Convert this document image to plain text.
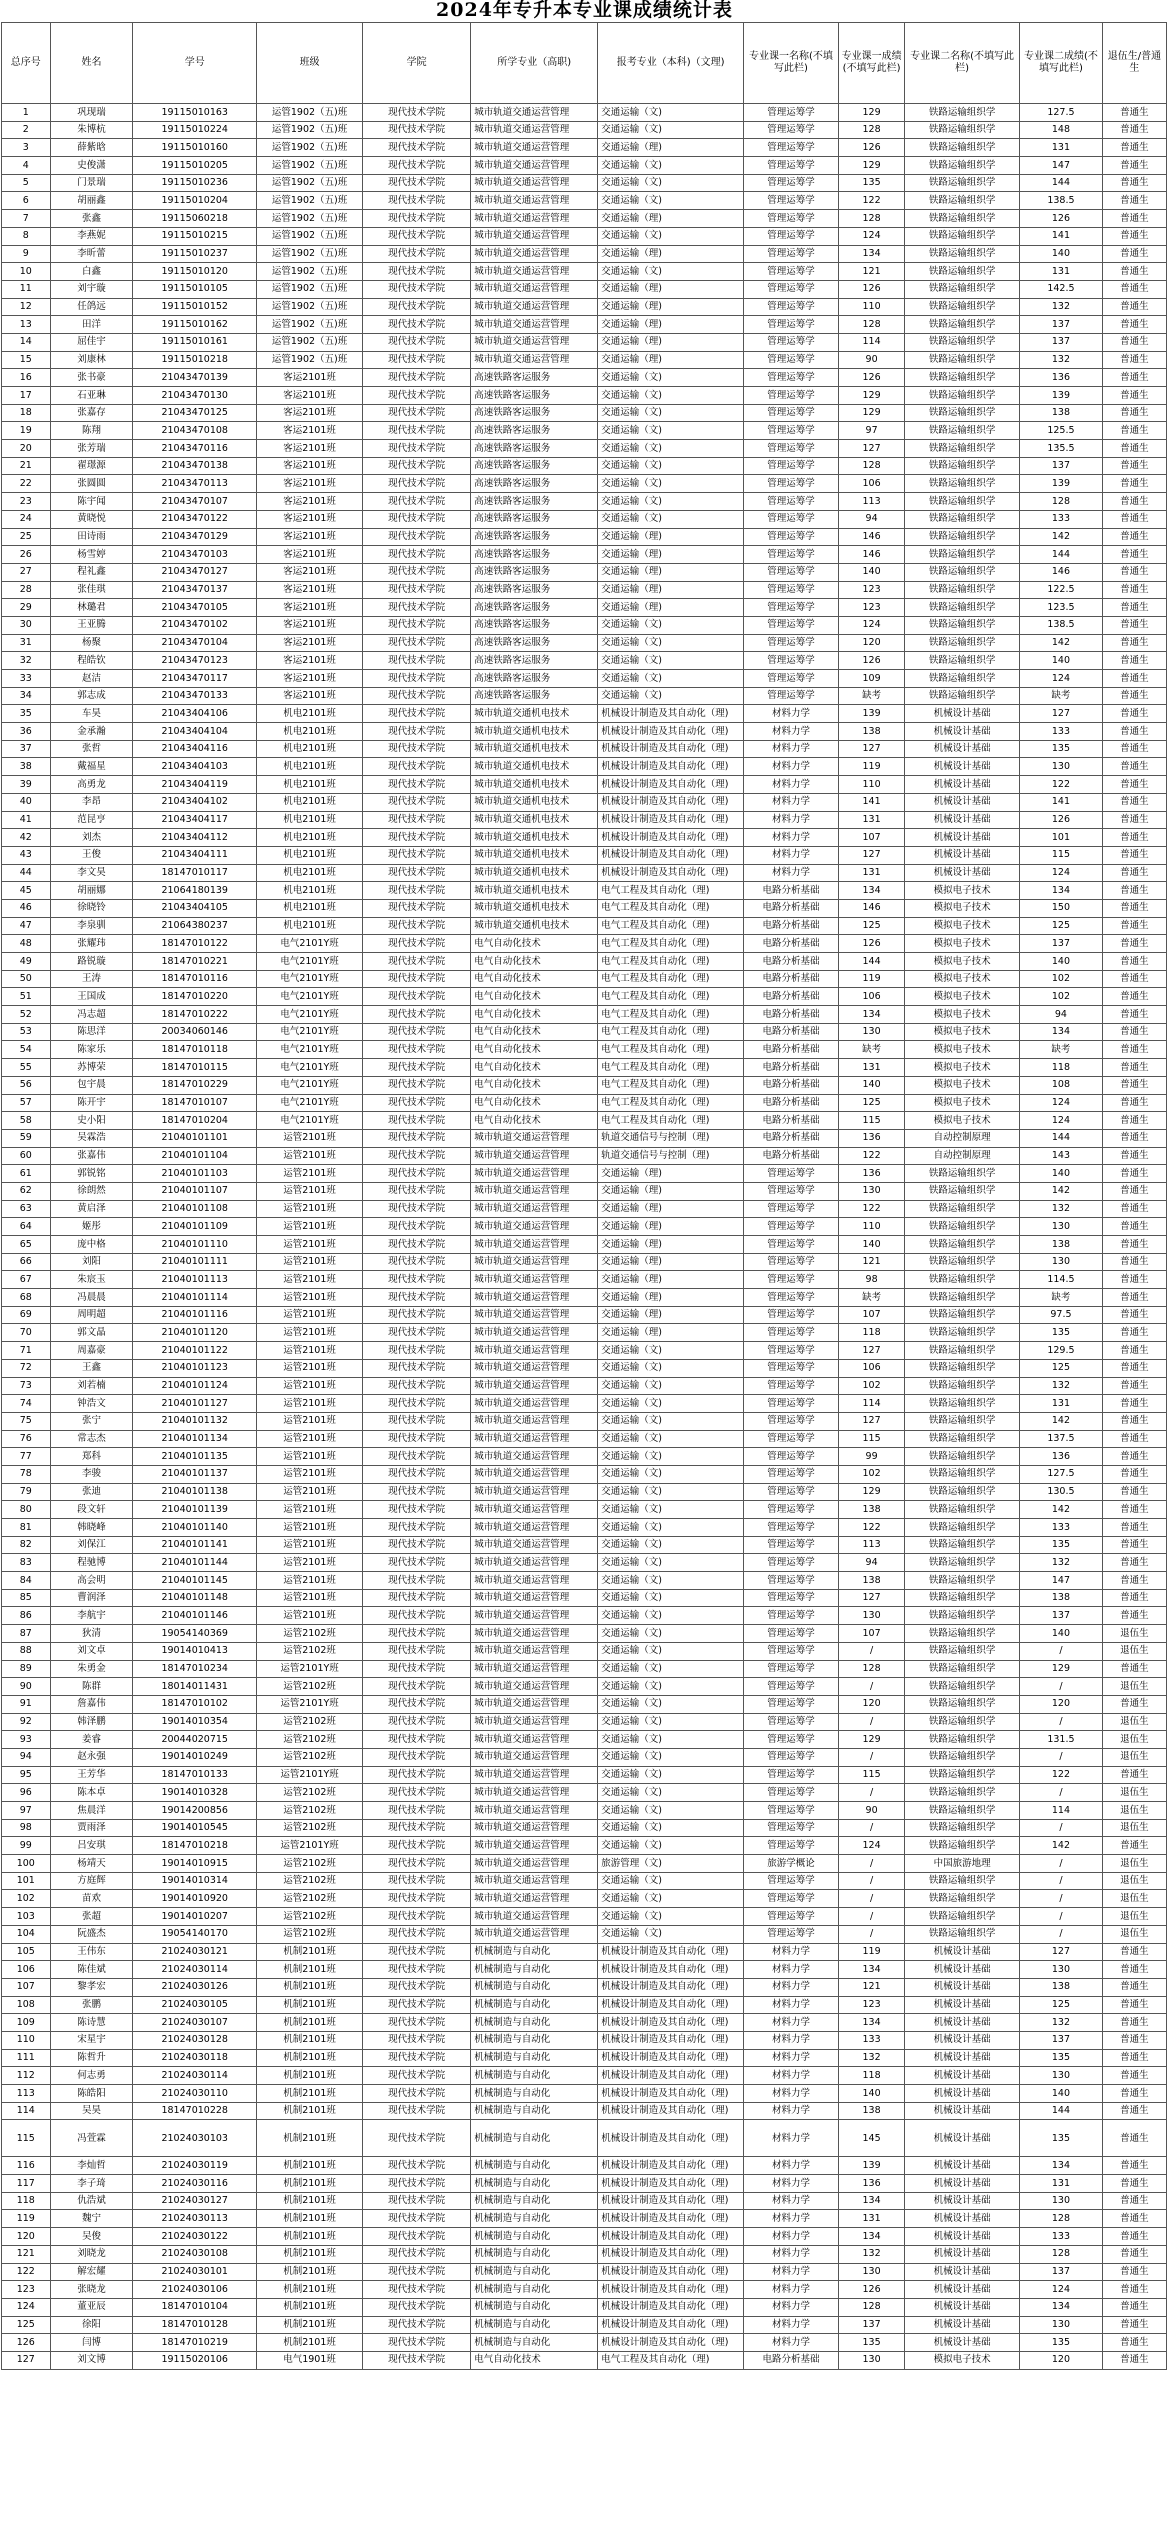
2024年专升本专业课成绩统计表
总序号	姓名	学号	班级	学院	所学专业（高职)	报考专业（本科)（文理)	专业课一名称(不填写此栏)	专业课一成绩(不填写此栏)	专业课二名称(不填写此栏)	专业课二成绩(不填写此栏)	退伍生/普通生
1	巩现瑞	19115010163	运管1902（五)班	现代技术学院	城市轨道交通运营管理	交通运输（文)	管理运筹学	129	铁路运输组织学	127.5	普通生
2	朱博杭	19115010224	运管1902（五)班	现代技术学院	城市轨道交通运营管理	交通运输（文)	管理运筹学	128	铁路运输组织学	148	普通生
3	薛紫晗	19115010160	运管1902（五)班	现代技术学院	城市轨道交通运营管理	交通运输（理)	管理运筹学	126	铁路运输组织学	131	普通生
4	史俊潇	19115010205	运管1902（五)班	现代技术学院	城市轨道交通运营管理	交通运输（文)	管理运筹学	129	铁路运输组织学	147	普通生
5	门景瑞	19115010236	运管1902（五)班	现代技术学院	城市轨道交通运营管理	交通运输（文)	管理运筹学	135	铁路运输组织学	144	普通生
6	胡丽鑫	19115010204	运管1902（五)班	现代技术学院	城市轨道交通运营管理	交通运输（文)	管理运筹学	122	铁路运输组织学	138.5	普通生
7	张鑫	19115060218	运管1902（五)班	现代技术学院	城市轨道交通运营管理	交通运输（理)	管理运筹学	128	铁路运输组织学	126	普通生
8	李燕妮	19115010215	运管1902（五)班	现代技术学院	城市轨道交通运营管理	交通运输（文)	管理运筹学	124	铁路运输组织学	141	普通生
9	李昕蕾	19115010237	运管1902（五)班	现代技术学院	城市轨道交通运营管理	交通运输（理)	管理运筹学	134	铁路运输组织学	140	普通生
10	白鑫	19115010120	运管1902（五)班	现代技术学院	城市轨道交通运营管理	交通运输（文)	管理运筹学	121	铁路运输组织学	131	普通生
11	刘宇璇	19115010105	运管1902（五)班	现代技术学院	城市轨道交通运营管理	交通运输（理)	管理运筹学	126	铁路运输组织学	142.5	普通生
12	任鸽远	19115010152	运管1902（五)班	现代技术学院	城市轨道交通运营管理	交通运输（理)	管理运筹学	110	铁路运输组织学	132	普通生
13	田洋	19115010162	运管1902（五)班	现代技术学院	城市轨道交通运营管理	交通运输（理)	管理运筹学	128	铁路运输组织学	137	普通生
14	屈佳宇	19115010161	运管1902（五)班	现代技术学院	城市轨道交通运营管理	交通运输（理)	管理运筹学	114	铁路运输组织学	137	普通生
15	刘康林	19115010218	运管1902（五)班	现代技术学院	城市轨道交通运营管理	交通运输（理)	管理运筹学	90	铁路运输组织学	132	普通生
16	张书豪	21043470139	客运2101班	现代技术学院	高速铁路客运服务	交通运输（文)	管理运筹学	126	铁路运输组织学	136	普通生
17	石亚琳	21043470130	客运2101班	现代技术学院	高速铁路客运服务	交通运输（文)	管理运筹学	129	铁路运输组织学	139	普通生
18	张嘉存	21043470125	客运2101班	现代技术学院	高速铁路客运服务	交通运输（文)	管理运筹学	129	铁路运输组织学	138	普通生
19	陈翔	21043470108	客运2101班	现代技术学院	高速铁路客运服务	交通运输（文)	管理运筹学	97	铁路运输组织学	125.5	普通生
20	张芳瑞	21043470116	客运2101班	现代技术学院	高速铁路客运服务	交通运输（文)	管理运筹学	127	铁路运输组织学	135.5	普通生
21	翟璟源	21043470138	客运2101班	现代技术学院	高速铁路客运服务	交通运输（文)	管理运筹学	128	铁路运输组织学	137	普通生
22	张圆圆	21043470113	客运2101班	现代技术学院	高速铁路客运服务	交通运输（文)	管理运筹学	106	铁路运输组织学	139	普通生
23	陈宇闻	21043470107	客运2101班	现代技术学院	高速铁路客运服务	交通运输（文)	管理运筹学	113	铁路运输组织学	128	普通生
24	黄晓悦	21043470122	客运2101班	现代技术学院	高速铁路客运服务	交通运输（文)	管理运筹学	94	铁路运输组织学	133	普通生
25	田诗雨	21043470129	客运2101班	现代技术学院	高速铁路客运服务	交通运输（理)	管理运筹学	146	铁路运输组织学	142	普通生
26	杨雪婷	21043470103	客运2101班	现代技术学院	高速铁路客运服务	交通运输（理)	管理运筹学	146	铁路运输组织学	144	普通生
27	程礼鑫	21043470127	客运2101班	现代技术学院	高速铁路客运服务	交通运输（理)	管理运筹学	140	铁路运输组织学	146	普通生
28	张佳琪	21043470137	客运2101班	现代技术学院	高速铁路客运服务	交通运输（理)	管理运筹学	123	铁路运输组织学	122.5	普通生
29	林璐君	21043470105	客运2101班	现代技术学院	高速铁路客运服务	交通运输（理)	管理运筹学	123	铁路运输组织学	123.5	普通生
30	王亚腾	21043470102	客运2101班	现代技术学院	高速铁路客运服务	交通运输（文)	管理运筹学	124	铁路运输组织学	138.5	普通生
31	杨聚	21043470104	客运2101班	现代技术学院	高速铁路客运服务	交通运输（文)	管理运筹学	120	铁路运输组织学	142	普通生
32	程皓钦	21043470123	客运2101班	现代技术学院	高速铁路客运服务	交通运输（文)	管理运筹学	126	铁路运输组织学	140	普通生
33	赵洁	21043470117	客运2101班	现代技术学院	高速铁路客运服务	交通运输（文)	管理运筹学	109	铁路运输组织学	124	普通生
34	郭志成	21043470133	客运2101班	现代技术学院	高速铁路客运服务	交通运输（文)	管理运筹学	缺考	铁路运输组织学	缺考	普通生
35	车昊	21043404106	机电2101班	现代技术学院	城市轨道交通机电技术	机械设计制造及其自动化（理)	材料力学	139	机械设计基础	127	普通生
36	金承瀚	21043404104	机电2101班	现代技术学院	城市轨道交通机电技术	机械设计制造及其自动化（理)	材料力学	138	机械设计基础	133	普通生
37	张哲	21043404116	机电2101班	现代技术学院	城市轨道交通机电技术	机械设计制造及其自动化（理)	材料力学	127	机械设计基础	135	普通生
38	戴福星	21043404103	机电2101班	现代技术学院	城市轨道交通机电技术	机械设计制造及其自动化（理)	材料力学	119	机械设计基础	130	普通生
39	高勇龙	21043404119	机电2101班	现代技术学院	城市轨道交通机电技术	机械设计制造及其自动化（理)	材料力学	110	机械设计基础	122	普通生
40	李昂	21043404102	机电2101班	现代技术学院	城市轨道交通机电技术	机械设计制造及其自动化（理)	材料力学	141	机械设计基础	141	普通生
41	范昆亨	21043404117	机电2101班	现代技术学院	城市轨道交通机电技术	机械设计制造及其自动化（理)	材料力学	131	机械设计基础	126	普通生
42	刘杰	21043404112	机电2101班	现代技术学院	城市轨道交通机电技术	机械设计制造及其自动化（理)	材料力学	107	机械设计基础	101	普通生
43	王俊	21043404111	机电2101班	现代技术学院	城市轨道交通机电技术	机械设计制造及其自动化（理)	材料力学	127	机械设计基础	115	普通生
44	李文昊	18147010117	机电2101班	现代技术学院	城市轨道交通机电技术	机械设计制造及其自动化（理)	材料力学	131	机械设计基础	124	普通生
45	胡丽娜	21064180139	机电2101班	现代技术学院	城市轨道交通机电技术	电气工程及其自动化（理)	电路分析基础	134	模拟电子技术	134	普通生
46	徐晓铃	21043404105	机电2101班	现代技术学院	城市轨道交通机电技术	电气工程及其自动化（理)	电路分析基础	146	模拟电子技术	150	普通生
47	李泉驯	21064380237	机电2101班	现代技术学院	城市轨道交通机电技术	电气工程及其自动化（理)	电路分析基础	125	模拟电子技术	125	普通生
48	张耀玮	18147010122	电气2101Y班	现代技术学院	电气自动化技术	电气工程及其自动化（理)	电路分析基础	126	模拟电子技术	137	普通生
49	路锐璇	18147010221	电气2101Y班	现代技术学院	电气自动化技术	电气工程及其自动化（理)	电路分析基础	144	模拟电子技术	140	普通生
50	王涛	18147010116	电气2101Y班	现代技术学院	电气自动化技术	电气工程及其自动化（理)	电路分析基础	119	模拟电子技术	102	普通生
51	王国成	18147010220	电气2101Y班	现代技术学院	电气自动化技术	电气工程及其自动化（理)	电路分析基础	106	模拟电子技术	102	普通生
52	冯志超	18147010222	电气2101Y班	现代技术学院	电气自动化技术	电气工程及其自动化（理)	电路分析基础	134	模拟电子技术	94	普通生
53	陈思洋	20034060146	电气2101Y班	现代技术学院	电气自动化技术	电气工程及其自动化（理)	电路分析基础	130	模拟电子技术	134	普通生
54	陈家乐	18147010118	电气2101Y班	现代技术学院	电气自动化技术	电气工程及其自动化（理)	电路分析基础	缺考	模拟电子技术	缺考	普通生
55	苏博荣	18147010115	电气2101Y班	现代技术学院	电气自动化技术	电气工程及其自动化（理)	电路分析基础	131	模拟电子技术	118	普通生
56	包宇晨	18147010229	电气2101Y班	现代技术学院	电气自动化技术	电气工程及其自动化（理)	电路分析基础	140	模拟电子技术	108	普通生
57	陈开宇	18147010107	电气2101Y班	现代技术学院	电气自动化技术	电气工程及其自动化（理)	电路分析基础	125	模拟电子技术	124	普通生
58	史小阳	18147010204	电气2101Y班	现代技术学院	电气自动化技术	电气工程及其自动化（理)	电路分析基础	115	模拟电子技术	124	普通生
59	吴霖浩	21040101101	运管2101班	现代技术学院	城市轨道交通运营管理	轨道交通信号与控制（理)	电路分析基础	136	自动控制原理	144	普通生
60	张嘉伟	21040101104	运管2101班	现代技术学院	城市轨道交通运营管理	轨道交通信号与控制（理)	电路分析基础	122	自动控制原理	143	普通生
61	郭锐铭	21040101103	运管2101班	现代技术学院	城市轨道交通运营管理	交通运输（理)	管理运筹学	136	铁路运输组织学	140	普通生
62	徐朗然	21040101107	运管2101班	现代技术学院	城市轨道交通运营管理	交通运输（理)	管理运筹学	130	铁路运输组织学	142	普通生
63	黄启泽	21040101108	运管2101班	现代技术学院	城市轨道交通运营管理	交通运输（理)	管理运筹学	122	铁路运输组织学	132	普通生
64	姬彤	21040101109	运管2101班	现代技术学院	城市轨道交通运营管理	交通运输（理)	管理运筹学	110	铁路运输组织学	130	普通生
65	庞中格	21040101110	运管2101班	现代技术学院	城市轨道交通运营管理	交通运输（理)	管理运筹学	140	铁路运输组织学	138	普通生
66	刘阳	21040101111	运管2101班	现代技术学院	城市轨道交通运营管理	交通运输（理)	管理运筹学	121	铁路运输组织学	130	普通生
67	朱宸玉	21040101113	运管2101班	现代技术学院	城市轨道交通运营管理	交通运输（理)	管理运筹学	98	铁路运输组织学	114.5	普通生
68	冯晨晨	21040101114	运管2101班	现代技术学院	城市轨道交通运营管理	交通运输（理)	管理运筹学	缺考	铁路运输组织学	缺考	普通生
69	周明超	21040101116	运管2101班	现代技术学院	城市轨道交通运营管理	交通运输（理)	管理运筹学	107	铁路运输组织学	97.5	普通生
70	郭文晶	21040101120	运管2101班	现代技术学院	城市轨道交通运营管理	交通运输（理)	管理运筹学	118	铁路运输组织学	135	普通生
71	周嘉豪	21040101122	运管2101班	现代技术学院	城市轨道交通运营管理	交通运输（文)	管理运筹学	127	铁路运输组织学	129.5	普通生
72	王鑫	21040101123	运管2101班	现代技术学院	城市轨道交通运营管理	交通运输（文)	管理运筹学	106	铁路运输组织学	125	普通生
73	刘若楠	21040101124	运管2101班	现代技术学院	城市轨道交通运营管理	交通运输（文)	管理运筹学	102	铁路运输组织学	132	普通生
74	钟浩文	21040101127	运管2101班	现代技术学院	城市轨道交通运营管理	交通运输（文)	管理运筹学	114	铁路运输组织学	131	普通生
75	张宁	21040101132	运管2101班	现代技术学院	城市轨道交通运营管理	交通运输（文)	管理运筹学	127	铁路运输组织学	142	普通生
76	常志杰	21040101134	运管2101班	现代技术学院	城市轨道交通运营管理	交通运输（文)	管理运筹学	115	铁路运输组织学	137.5	普通生
77	郑科	21040101135	运管2101班	现代技术学院	城市轨道交通运营管理	交通运输（文)	管理运筹学	99	铁路运输组织学	136	普通生
78	李骏	21040101137	运管2101班	现代技术学院	城市轨道交通运营管理	交通运输（文)	管理运筹学	102	铁路运输组织学	127.5	普通生
79	张迪	21040101138	运管2101班	现代技术学院	城市轨道交通运营管理	交通运输（文)	管理运筹学	129	铁路运输组织学	130.5	普通生
80	段文轩	21040101139	运管2101班	现代技术学院	城市轨道交通运营管理	交通运输（文)	管理运筹学	138	铁路运输组织学	142	普通生
81	韩晓峰	21040101140	运管2101班	现代技术学院	城市轨道交通运营管理	交通运输（文)	管理运筹学	122	铁路运输组织学	133	普通生
82	刘保江	21040101141	运管2101班	现代技术学院	城市轨道交通运营管理	交通运输（文)	管理运筹学	113	铁路运输组织学	135	普通生
83	程驰博	21040101144	运管2101班	现代技术学院	城市轨道交通运营管理	交通运输（文)	管理运筹学	94	铁路运输组织学	132	普通生
84	高会明	21040101145	运管2101班	现代技术学院	城市轨道交通运营管理	交通运输（文)	管理运筹学	138	铁路运输组织学	147	普通生
85	曹润泽	21040101148	运管2101班	现代技术学院	城市轨道交通运营管理	交通运输（文)	管理运筹学	127	铁路运输组织学	138	普通生
86	李航宇	21040101146	运管2101班	现代技术学院	城市轨道交通运营管理	交通运输（文)	管理运筹学	130	铁路运输组织学	137	普通生
87	狄清	19054140369	运管2102班	现代技术学院	城市轨道交通运营管理	交通运输（文)	管理运筹学	107	铁路运输组织学	140	退伍生
88	刘文卓	19014010413	运管2102班	现代技术学院	城市轨道交通运营管理	交通运输（文)	管理运筹学	/	铁路运输组织学	/	退伍生
89	朱勇金	18147010234	运管2101Y班	现代技术学院	城市轨道交通运营管理	交通运输（文)	管理运筹学	128	铁路运输组织学	129	普通生
90	陈群	18014011431	运管2102班	现代技术学院	城市轨道交通运营管理	交通运输（文)	管理运筹学	/	铁路运输组织学	/	退伍生
91	詹嘉伟	18147010102	运管2101Y班	现代技术学院	城市轨道交通运营管理	交通运输（文)	管理运筹学	120	铁路运输组织学	120	普通生
92	韩泽鹏	19014010354	运管2102班	现代技术学院	城市轨道交通运营管理	交通运输（文)	管理运筹学	/	铁路运输组织学	/	退伍生
93	姜睿	20044020715	运管2102班	现代技术学院	城市轨道交通运营管理	交通运输（文)	管理运筹学	129	铁路运输组织学	131.5	退伍生
94	赵永强	19014010249	运管2102班	现代技术学院	城市轨道交通运营管理	交通运输（文)	管理运筹学	/	铁路运输组织学	/	退伍生
95	王芳华	18147010133	运管2101Y班	现代技术学院	城市轨道交通运营管理	交通运输（文)	管理运筹学	115	铁路运输组织学	122	普通生
96	陈本卓	19014010328	运管2102班	现代技术学院	城市轨道交通运营管理	交通运输（文)	管理运筹学	/	铁路运输组织学	/	退伍生
97	焦晨洋	19014200856	运管2102班	现代技术学院	城市轨道交通运营管理	交通运输（文)	管理运筹学	90	铁路运输组织学	114	退伍生
98	贾雨泽	19014010545	运管2102班	现代技术学院	城市轨道交通运营管理	交通运输（文)	管理运筹学	/	铁路运输组织学	/	退伍生
99	吕安琪	18147010218	运管2101Y班	现代技术学院	城市轨道交通运营管理	交通运输（文)	管理运筹学	124	铁路运输组织学	142	普通生
100	杨靖天	19014010915	运管2102班	现代技术学院	城市轨道交通运营管理	旅游管理（文)	旅游学概论	/	中国旅游地理	/	退伍生
101	方庭辉	19014010314	运管2102班	现代技术学院	城市轨道交通运营管理	交通运输（文)	管理运筹学	/	铁路运输组织学	/	退伍生
102	苗欢	19014010920	运管2102班	现代技术学院	城市轨道交通运营管理	交通运输（文)	管理运筹学	/	铁路运输组织学	/	退伍生
103	张超	19014010207	运管2102班	现代技术学院	城市轨道交通运营管理	交通运输（文)	管理运筹学	/	铁路运输组织学	/	退伍生
104	阮盛杰	19054140170	运管2102班	现代技术学院	城市轨道交通运营管理	交通运输（文)	管理运筹学	/	铁路运输组织学	/	退伍生
105	王伟东	21024030121	机制2101班	现代技术学院	机械制造与自动化	机械设计制造及其自动化（理)	材料力学	119	机械设计基础	127	普通生
106	陈佳斌	21024030114	机制2101班	现代技术学院	机械制造与自动化	机械设计制造及其自动化（理)	材料力学	134	机械设计基础	130	普通生
107	黎孝宏	21024030126	机制2101班	现代技术学院	机械制造与自动化	机械设计制造及其自动化（理)	材料力学	121	机械设计基础	138	普通生
108	张鹏	21024030105	机制2101班	现代技术学院	机械制造与自动化	机械设计制造及其自动化（理)	材料力学	123	机械设计基础	125	普通生
109	陈诗慧	21024030107	机制2101班	现代技术学院	机械制造与自动化	机械设计制造及其自动化（理)	材料力学	134	机械设计基础	132	普通生
110	宋星宇	21024030128	机制2101班	现代技术学院	机械制造与自动化	机械设计制造及其自动化（理)	材料力学	133	机械设计基础	137	普通生
111	陈哲升	21024030118	机制2101班	现代技术学院	机械制造与自动化	机械设计制造及其自动化（理)	材料力学	132	机械设计基础	135	普通生
112	何志勇	21024030114	机制2101班	现代技术学院	机械制造与自动化	机械设计制造及其自动化（理)	材料力学	118	机械设计基础	130	普通生
113	陈皓阳	21024030110	机制2101班	现代技术学院	机械制造与自动化	机械设计制造及其自动化（理)	材料力学	140	机械设计基础	140	普通生
114	吴昊	18147010228	机制2101班	现代技术学院	机械制造与自动化	机械设计制造及其自动化（理)	材料力学	138	机械设计基础	144	普通生
115	冯萱霖	21024030103	机制2101班	现代技术学院	机械制造与自动化	机械设计制造及其自动化（理)	材料力学	145	机械设计基础	135	普通生
116	李灿哲	21024030119	机制2101班	现代技术学院	机械制造与自动化	机械设计制造及其自动化（理)	材料力学	139	机械设计基础	134	普通生
117	李子琦	21024030116	机制2101班	现代技术学院	机械制造与自动化	机械设计制造及其自动化（理)	材料力学	136	机械设计基础	131	普通生
118	仇浩斌	21024030127	机制2101班	现代技术学院	机械制造与自动化	机械设计制造及其自动化（理)	材料力学	134	机械设计基础	130	普通生
119	魏宁	21024030113	机制2101班	现代技术学院	机械制造与自动化	机械设计制造及其自动化（理)	材料力学	131	机械设计基础	128	普通生
120	吴俊	21024030122	机制2101班	现代技术学院	机械制造与自动化	机械设计制造及其自动化（理)	材料力学	134	机械设计基础	133	普通生
121	刘晓龙	21024030108	机制2101班	现代技术学院	机械制造与自动化	机械设计制造及其自动化（理)	材料力学	132	机械设计基础	128	普通生
122	解宏耀	21024030101	机制2101班	现代技术学院	机械制造与自动化	机械设计制造及其自动化（理)	材料力学	130	机械设计基础	137	普通生
123	张晓龙	21024030106	机制2101班	现代技术学院	机械制造与自动化	机械设计制造及其自动化（理)	材料力学	126	机械设计基础	124	普通生
124	董亚辰	18147010104	机制2101班	现代技术学院	机械制造与自动化	机械设计制造及其自动化（理)	材料力学	128	机械设计基础	134	普通生
125	徐阳	18147010128	机制2101班	现代技术学院	机械制造与自动化	机械设计制造及其自动化（理)	材料力学	137	机械设计基础	130	普通生
126	闫博	18147010219	机制2101班	现代技术学院	机械制造与自动化	机械设计制造及其自动化（理)	材料力学	135	机械设计基础	135	普通生
127	刘文博	19115020106	电气1901班	现代技术学院	电气自动化技术	电气工程及其自动化（理)	电路分析基础	130	模拟电子技术	120	普通生
